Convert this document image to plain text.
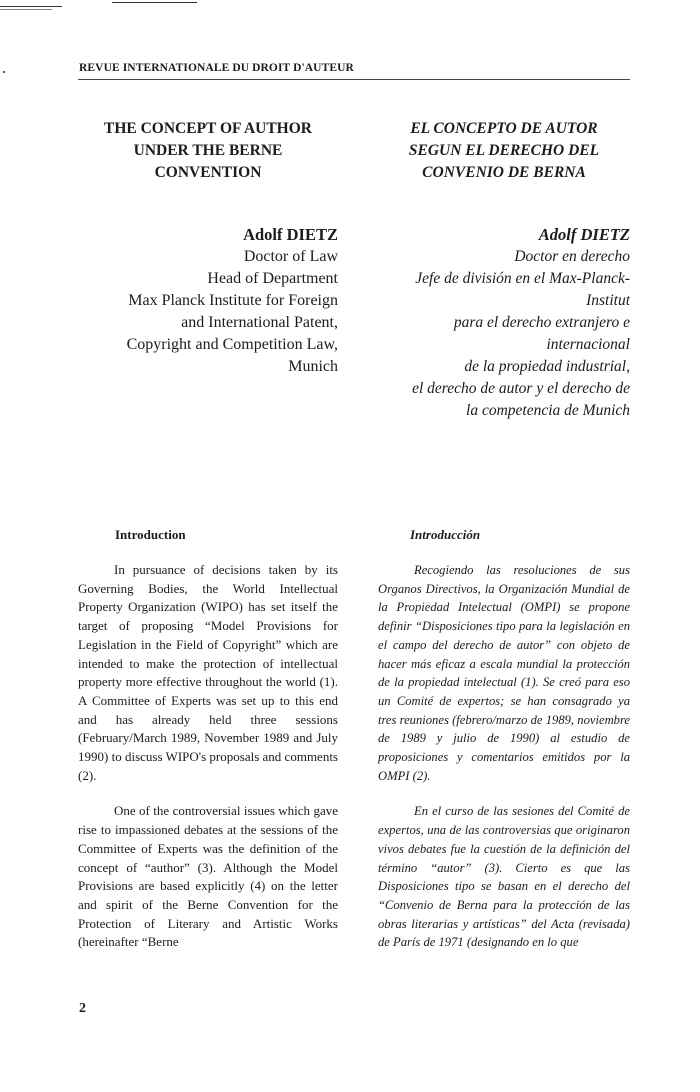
REVUE INTERNATIONALE DU DROIT D'AUTEUR
THE CONCEPT OF AUTHOR
UNDER THE BERNE
CONVENTION
Adolf DIETZ
Doctor of Law
Head of Department
Max Planck Institute for Foreign
and International Patent,
Copyright and Competition Law,
Munich
Introduction

In pursuance of decisions taken by its Governing Bodies, the World Intellectual Property Organization (WIPO) has set itself the target of proposing “Model Provisions for Legislation in the Field of Copyright” which are intended to make the protection of intellectual property more effective throughout the world (1). A Committee of Experts was set up to this end and has already held three sessions (February/March 1989, November 1989 and July 1990) to discuss WIPO's proposals and comments (2).

One of the controversial issues which gave rise to impassioned debates at the sessions of the Committee of Experts was the definition of the concept of “author” (3). Although the Model Provisions are based explicitly (4) on the letter and spirit of the Berne Convention for the Protection of Literary and Artistic Works (hereinafter “Berne

EL CONCEPTO DE AUTOR
SEGUN EL DERECHO DEL
CONVENIO DE BERNA
Adolf DIETZ
Doctor en derecho
Jefe de división en el Max-Planck-
Institut
para el derecho extranjero e
internacional
de la propiedad industrial,
el derecho de autor y el derecho de
la competencia de Munich
Introducción

Recogiendo las resoluciones de sus Organos Directivos, la Organización Mundial de la Propiedad Intelectual (OMPI) se propone definir “Disposiciones tipo para la legislación en el campo del derecho de autor” con objeto de hacer más eficaz a escala mundial la protección de la propiedad intelectual (1). Se creó para eso un Comité de expertos; se han consagrado ya tres reuniones (febrero/marzo de 1989, noviembre de 1989 y julio de 1990) al estudio de proposiciones y comentarios emitidos por la OMPI (2).

En el curso de las sesiones del Comité de expertos, una de las controversias que originaron vivos debates fue la cuestión de la definición del término “autor” (3). Cierto es que las Disposiciones tipo se basan en el derecho del “Convenio de Berna para la protección de las obras literarias y artísticas” del Acta (revisada) de París de 1971 (designando en lo que

2
